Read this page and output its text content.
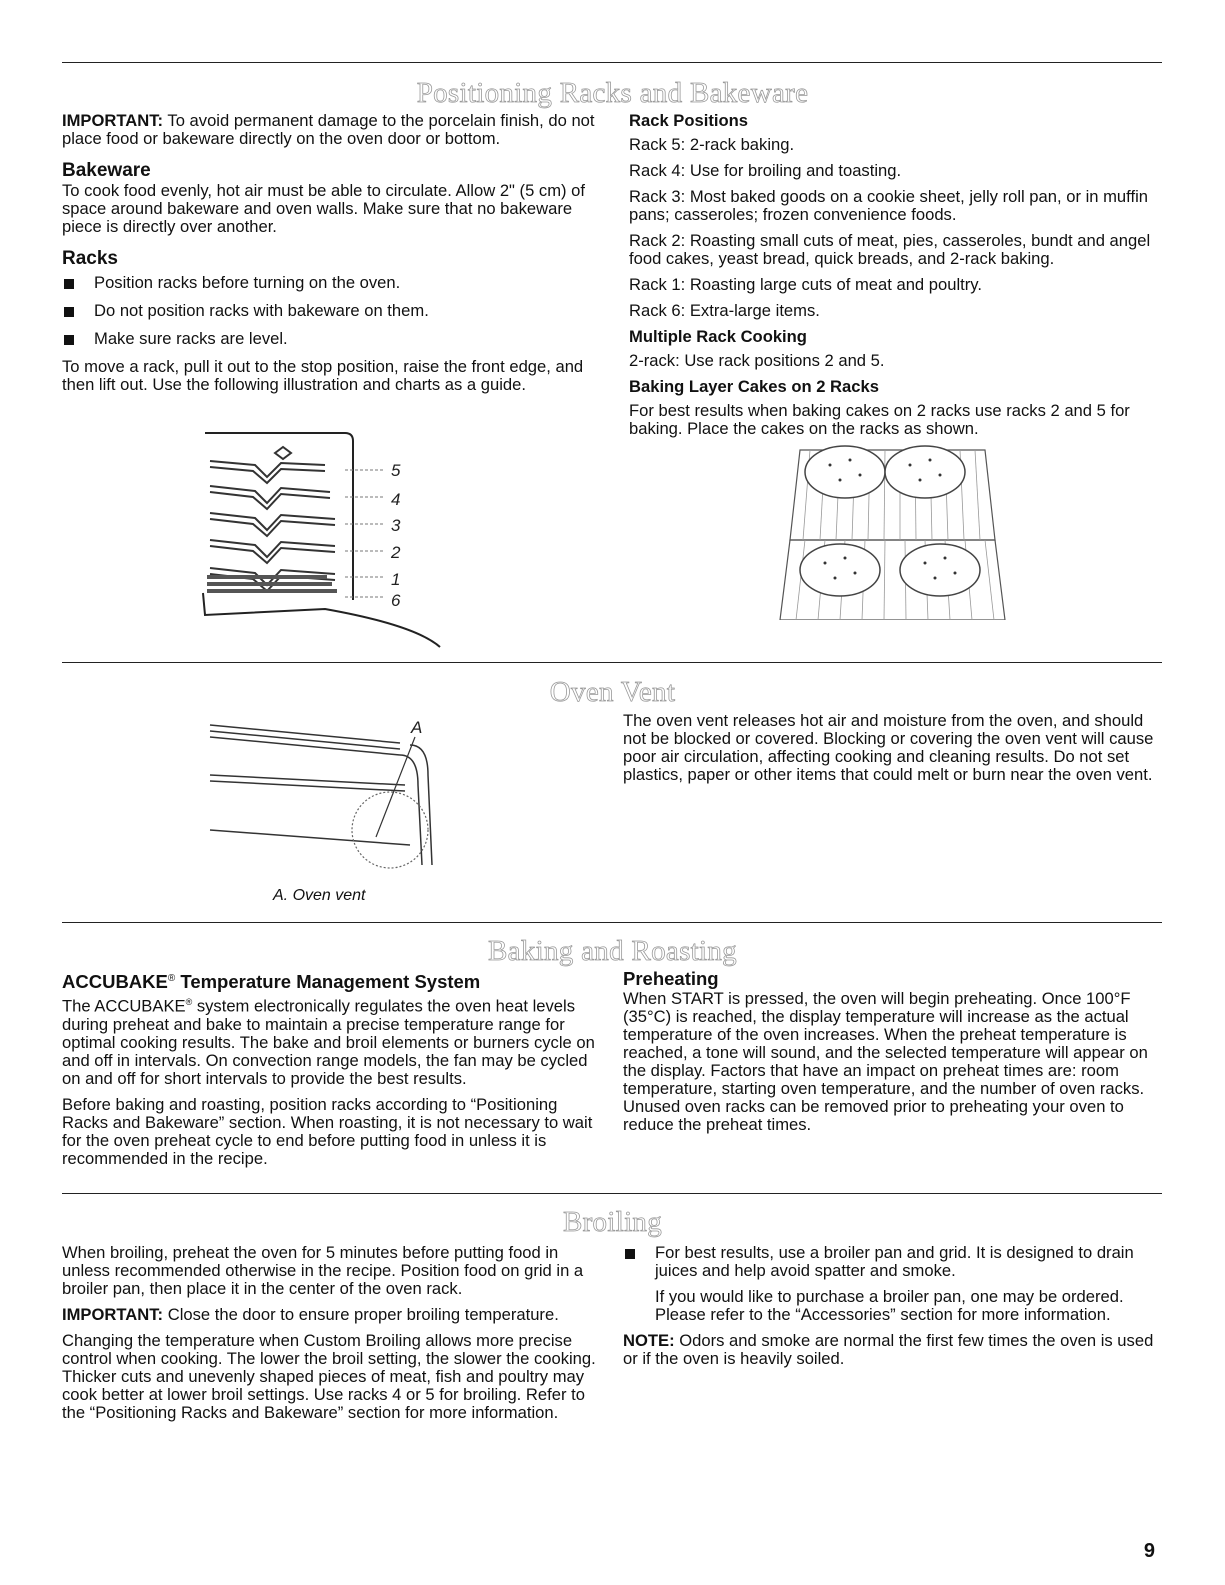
Positioning Racks and Bakeware

IMPORTANT: To avoid permanent damage to the porcelain finish, do not place food or bakeware directly on the oven door or bottom.

Bakeware

To cook food evenly, hot air must be able to circulate. Allow 2" (5 cm) of space around bakeware and oven walls. Make sure that no bakeware piece is directly over another.

Racks
Position racks before turning on the oven.
Do not position racks with bakeware on them.
Make sure racks are level.

To move a rack, pull it out to the stop position, raise the front edge, and then lift out. Use the following illustration and charts as a guide.

5
4
3
2
1
6
Rack Positions

Rack 5: 2-rack baking.

Rack 4: Use for broiling and toasting.

Rack 3: Most baked goods on a cookie sheet, jelly roll pan, or in muffin pans; casseroles; frozen convenience foods.

Rack 2: Roasting small cuts of meat, pies, casseroles, bundt and angel food cakes, yeast bread, quick breads, and 2-rack baking.

Rack 1: Roasting large cuts of meat and poultry.

Rack 6: Extra-large items.

Multiple Rack Cooking

2-rack: Use rack positions 2 and 5.

Baking Layer Cakes on 2 Racks

For best results when baking cakes on 2 racks use racks 2 and 5 for baking. Place the cakes on the racks as shown.

Oven Vent
A
A. Oven vent

The oven vent releases hot air and moisture from the oven, and should not be blocked or covered. Blocking or covering the oven vent will cause poor air circulation, affecting cooking and cleaning results. Do not set plastics, paper or other items that could melt or burn near the oven vent.

Baking and Roasting
ACCUBAKE® Temperature Management System

The ACCUBAKE® system electronically regulates the oven heat levels during preheat and bake to maintain a precise temperature range for optimal cooking results. The bake and broil elements or burners cycle on and off in intervals. On convection range models, the fan may be cycled on and off for short intervals to provide the best results.

Before baking and roasting, position racks according to “Positioning Racks and Bakeware” section. When roasting, it is not necessary to wait for the oven preheat cycle to end before putting food in unless it is recommended in the recipe.

Preheating

When START is pressed, the oven will begin preheating. Once 100°F (35°C) is reached, the display temperature will increase as the actual temperature of the oven increases. When the preheat temperature is reached, a tone will sound, and the selected temperature will appear on the display. Factors that have an impact on preheat times are: room temperature, starting oven temperature, and the number of oven racks. Unused oven racks can be removed prior to preheating your oven to reduce the preheat times.

Broiling

When broiling, preheat the oven for 5 minutes before putting food in unless recommended otherwise in the recipe. Position food on grid in a broiler pan, then place it in the center of the oven rack.

IMPORTANT: Close the door to ensure proper broiling temperature.

Changing the temperature when Custom Broiling allows more precise control when cooking. The lower the broil setting, the slower the cooking. Thicker cuts and unevenly shaped pieces of meat, fish and poultry may cook better at lower broil settings. Use racks 4 or 5 for broiling. Refer to the “Positioning Racks and Bakeware” section for more information.

For best results, use a broiler pan and grid. It is designed to drain juices and help avoid spatter and smoke.

If you would like to purchase a broiler pan, one may be ordered. Please refer to the “Accessories” section for more information.

NOTE: Odors and smoke are normal the first few times the oven is used or if the oven is heavily soiled.

9
